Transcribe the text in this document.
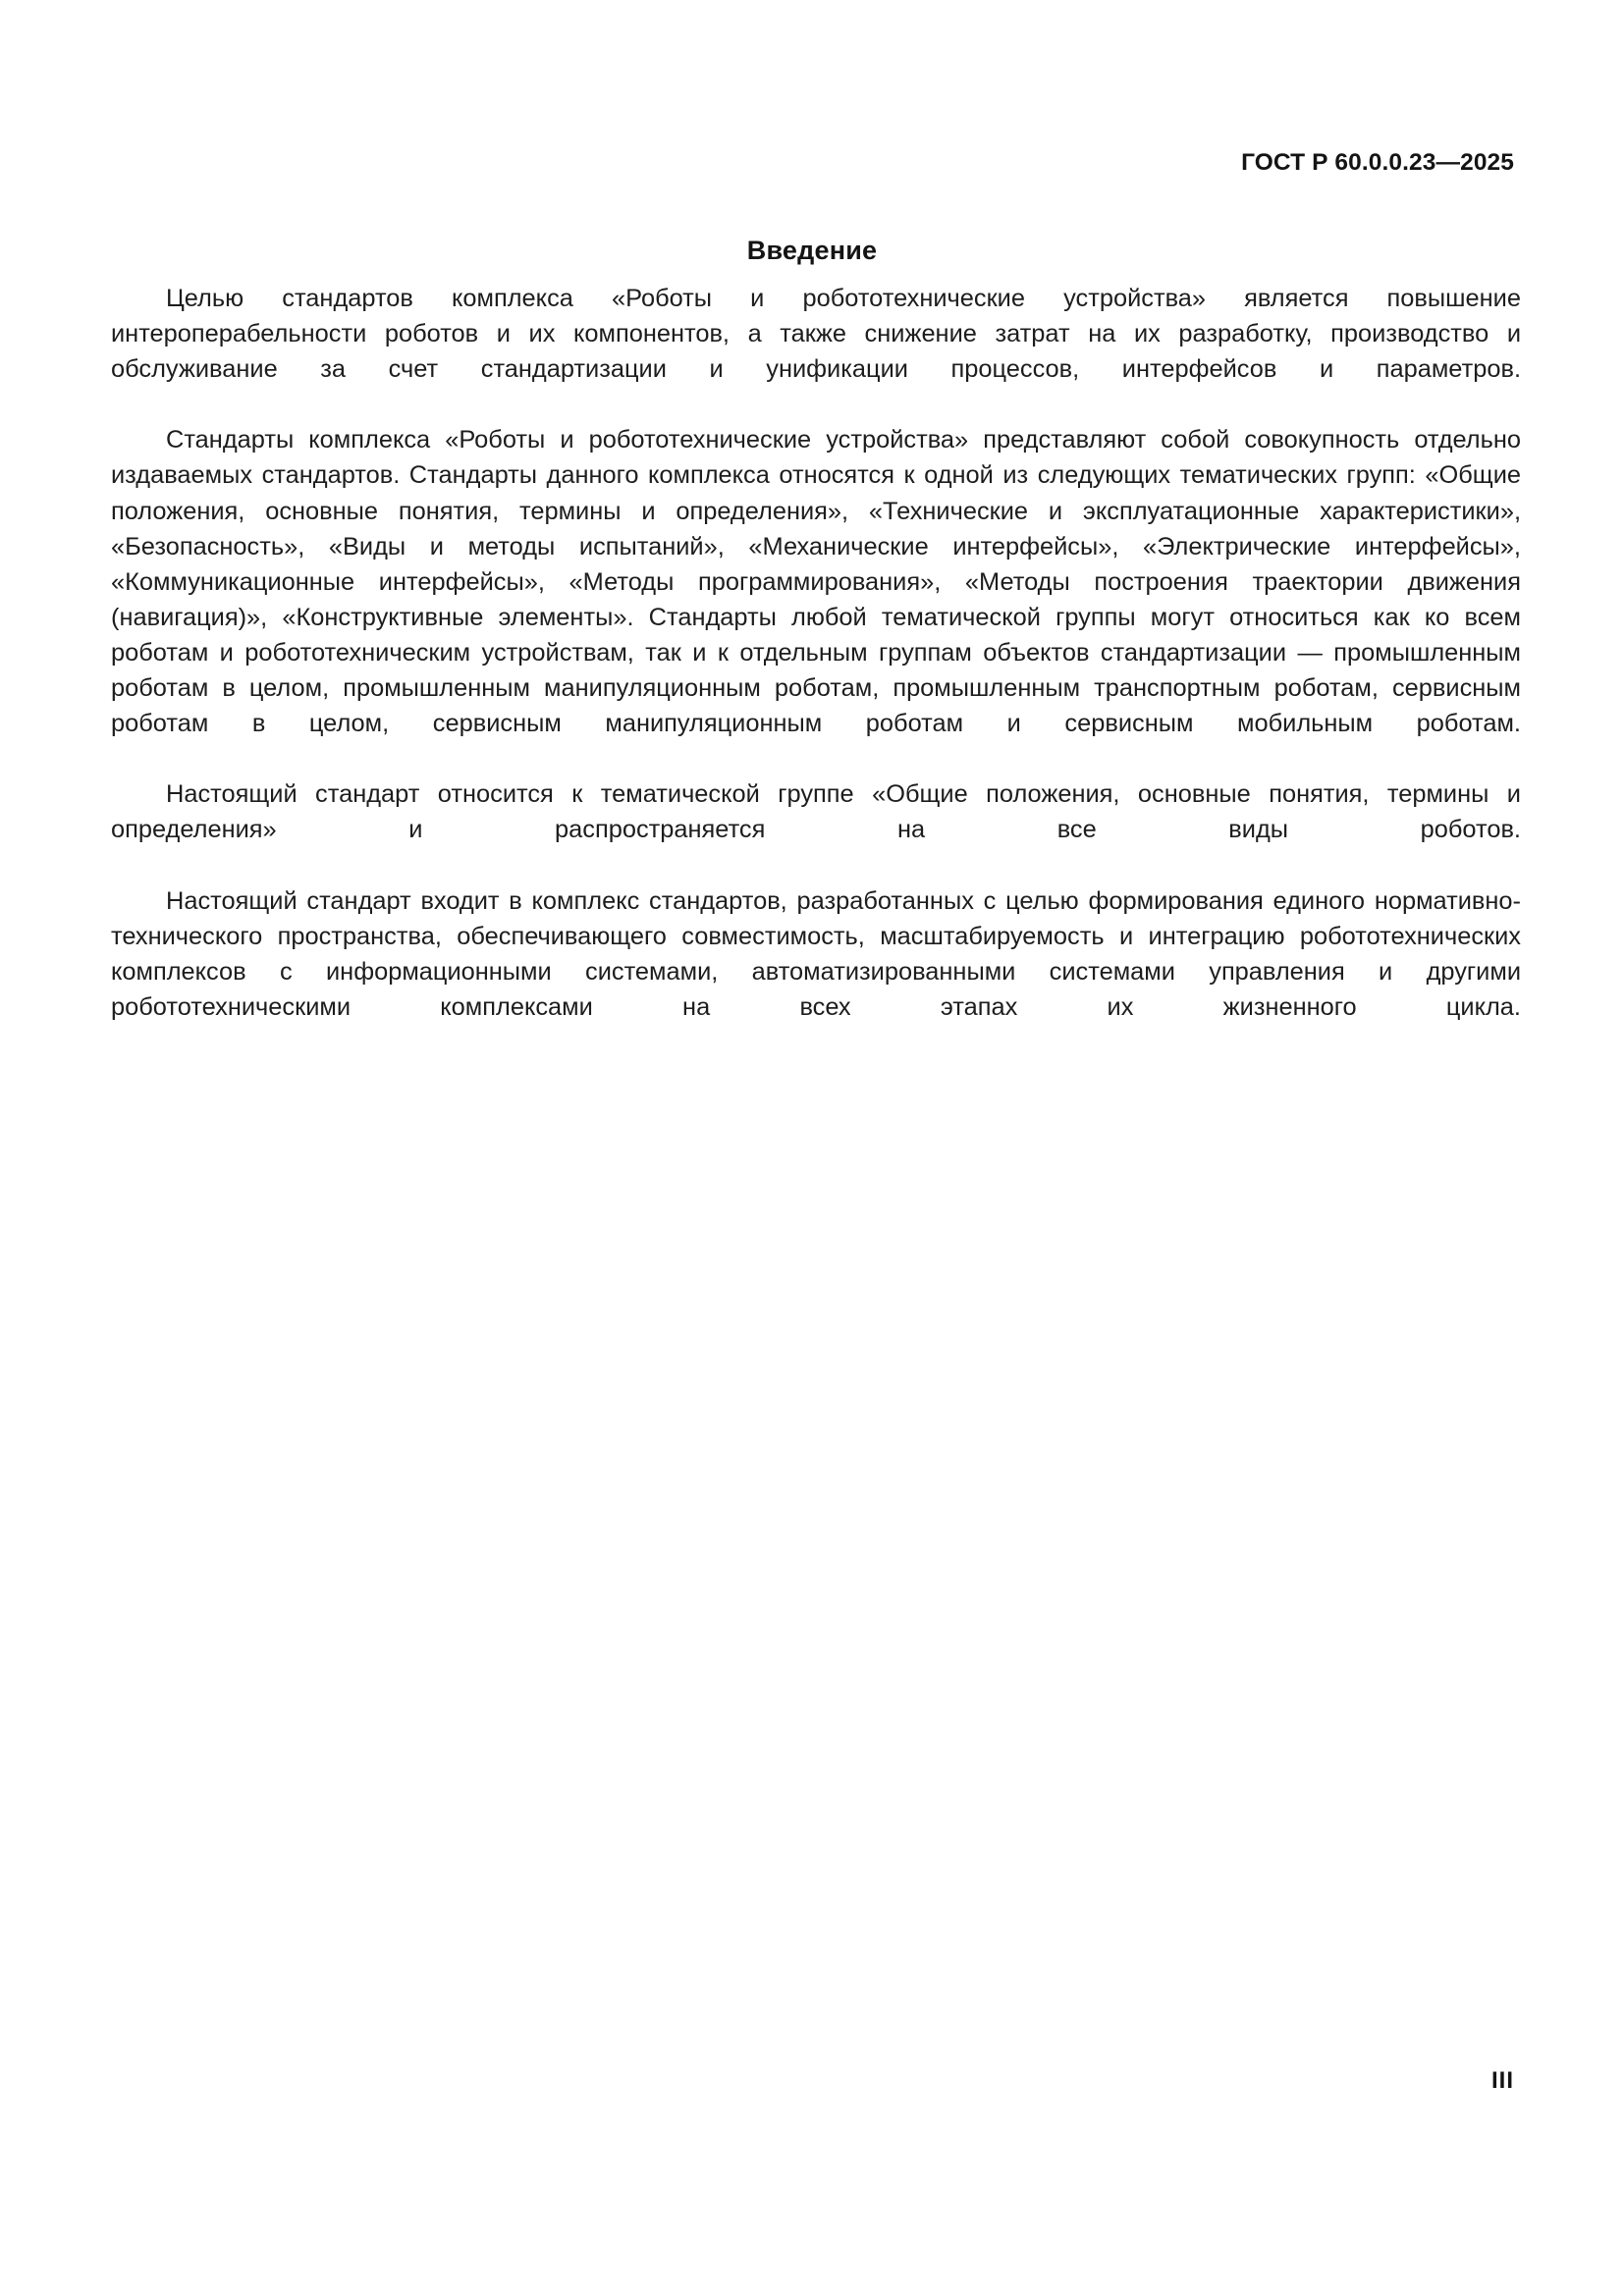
ГОСТ Р 60.0.0.23—2025
Введение

Целью стандартов комплекса «Роботы и робототехнические устройства» является повышение интероперабельности роботов и их компонентов, а также снижение затрат на их разработку, производство и обслуживание за счет стандартизации и унификации процессов, интерфейсов и параметров.

Стандарты комплекса «Роботы и робототехнические устройства» представляют собой совокупность отдельно издаваемых стандартов. Стандарты данного комплекса относятся к одной из следующих тематических групп: «Общие положения, основные понятия, термины и определения», «Технические и эксплуатационные характеристики», «Безопасность», «Виды и методы испытаний», «Механические интерфейсы», «Электрические интерфейсы», «Коммуникационные интерфейсы», «Методы программирования», «Методы построения траектории движения (навигация)», «Конструктивные элементы». Стандарты любой тематической группы могут относиться как ко всем роботам и робототехническим устройствам, так и к отдельным группам объектов стандартизации — промышленным роботам в целом, промышленным манипуляционным роботам, промышленным транспортным роботам, сервисным роботам в целом, сервисным манипуляционным роботам и сервисным мобильным роботам.

Настоящий стандарт относится к тематической группе «Общие положения, основные понятия, термины и определения» и распространяется на все виды роботов.

Настоящий стандарт входит в комплекс стандартов, разработанных с целью формирования единого нормативно-технического пространства, обеспечивающего совместимость, масштабируемость и интеграцию робототехнических комплексов с информационными системами, автоматизированными системами управления и другими робототехническими комплексами на всех этапах их жизненного цикла.

III
